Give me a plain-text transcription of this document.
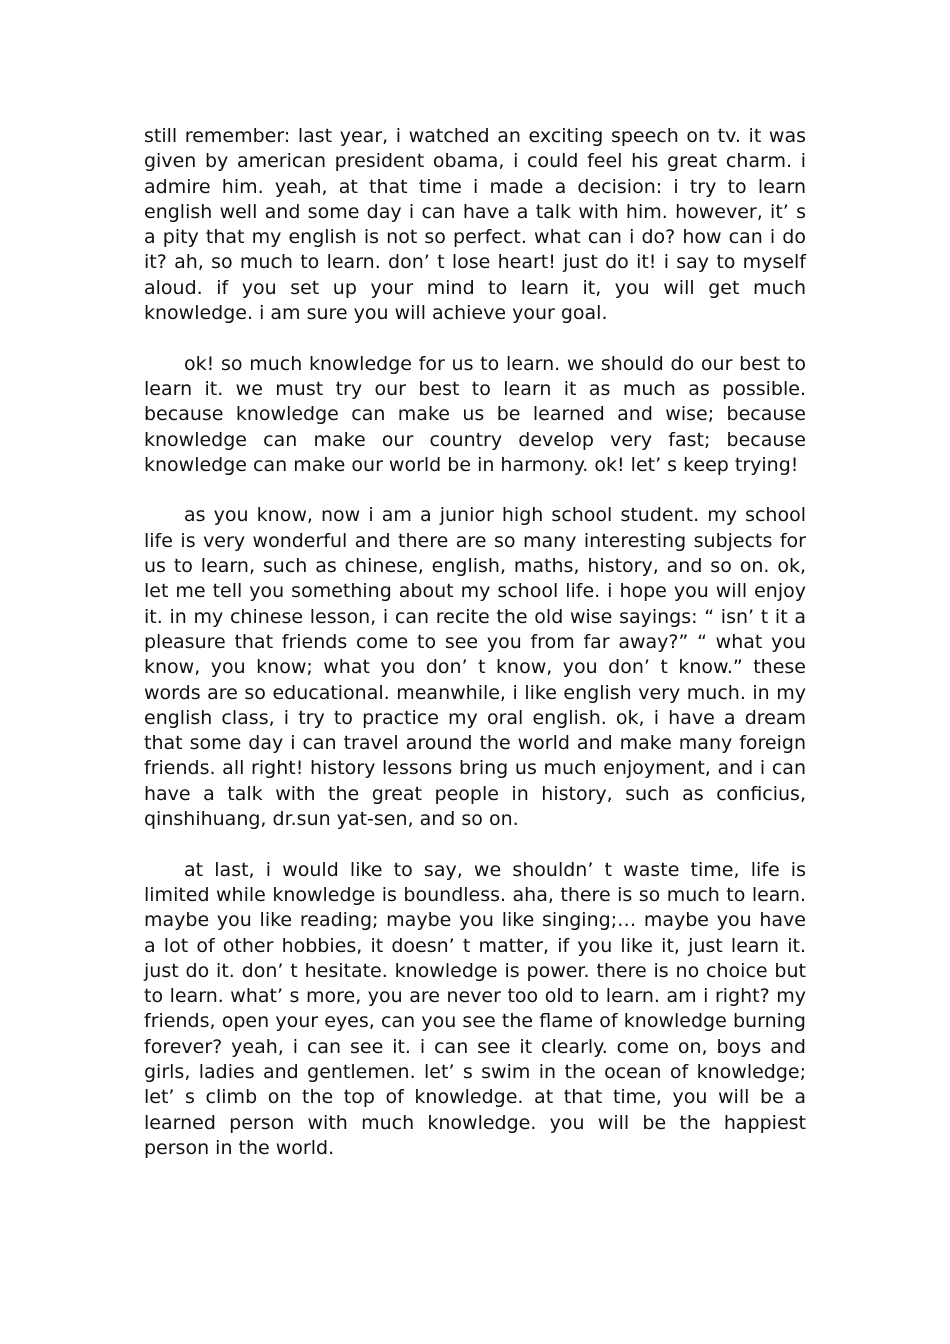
still remember: last year, i watched an exciting speech on tv. it was given by american president obama, i could feel his great charm. i admire him. yeah, at that time i made a decision: i try to learn english well and some day i can have a talk with him. however, it’ s a pity that my english is not so perfect. what can i do? how can i do it? ah, so much to learn. don’ t lose heart! just do it! i say to myself aloud. if you set up your mind to learn it, you will get much knowledge. i am sure you will achieve your goal.

ok! so much knowledge for us to learn. we should do our best to learn it. we must try our best to learn it as much as possible. because knowledge can make us be learned and wise; because knowledge can make our country develop very fast; because knowledge can make our world be in harmony. ok! let’ s keep trying!

as you know, now i am a junior high school student. my school life is very wonderful and there are so many interesting subjects for us to learn, such as chinese, english, maths, history, and so on. ok, let me tell you something about my school life. i hope you will enjoy it. in my chinese lesson, i can recite the old wise sayings: “ isn’ t it a pleasure that friends come to see you from far away?” “ what you know, you know; what you don’ t know, you don’ t know.” these words are so educational. meanwhile, i like english very much. in my english class, i try to practice my oral english. ok, i have a dream that some day i can travel around the world and make many foreign friends. all right! history lessons bring us much enjoyment, and i can have a talk with the great people in history, such as conficius, qinshihuang, dr.sun yat-sen, and so on.

at last, i would like to say, we shouldn’ t waste time, life is limited while knowledge is boundless. aha, there is so much to learn. maybe you like reading; maybe you like singing;… maybe you have a lot of other hobbies, it doesn’ t matter, if you like it, just learn it. just do it. don’ t hesitate. knowledge is power. there is no choice but to learn. what’ s more, you are never too old to learn. am i right? my friends, open your eyes, can you see the flame of knowledge burning forever? yeah, i can see it. i can see it clearly. come on, boys and girls, ladies and gentlemen. let’ s swim in the ocean of knowledge; let’ s climb on the top of knowledge. at that time, you will be a learned person with much knowledge. you will be the happiest person in the world.
